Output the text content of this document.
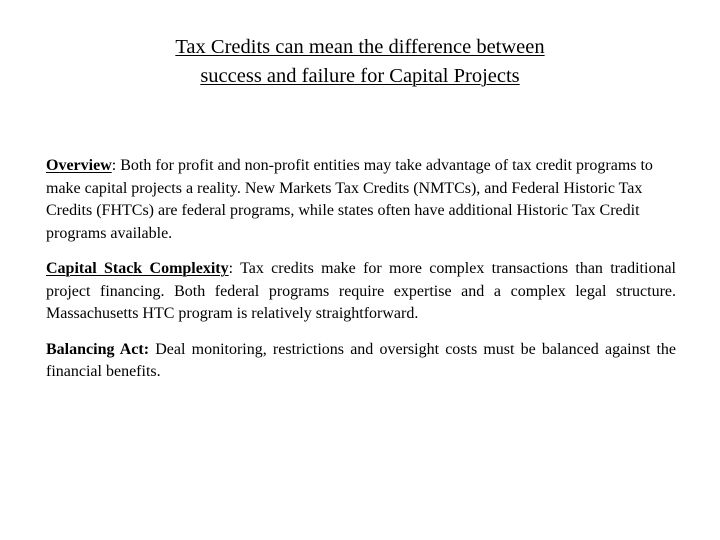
Tax Credits can mean the difference between
success and failure for Capital Projects

Overview: Both for profit and non-profit entities may take advantage of tax credit programs to make capital projects a reality. New Markets Tax Credits (NMTCs), and Federal Historic Tax Credits (FHTCs) are federal programs, while states often have additional Historic Tax Credit programs available.

Capital Stack Complexity: Tax credits make for more complex transactions than traditional project financing. Both federal programs require expertise and a complex legal structure. Massachusetts HTC program is relatively straightforward.

Balancing Act: Deal monitoring, restrictions and oversight costs must be balanced against the financial benefits.
